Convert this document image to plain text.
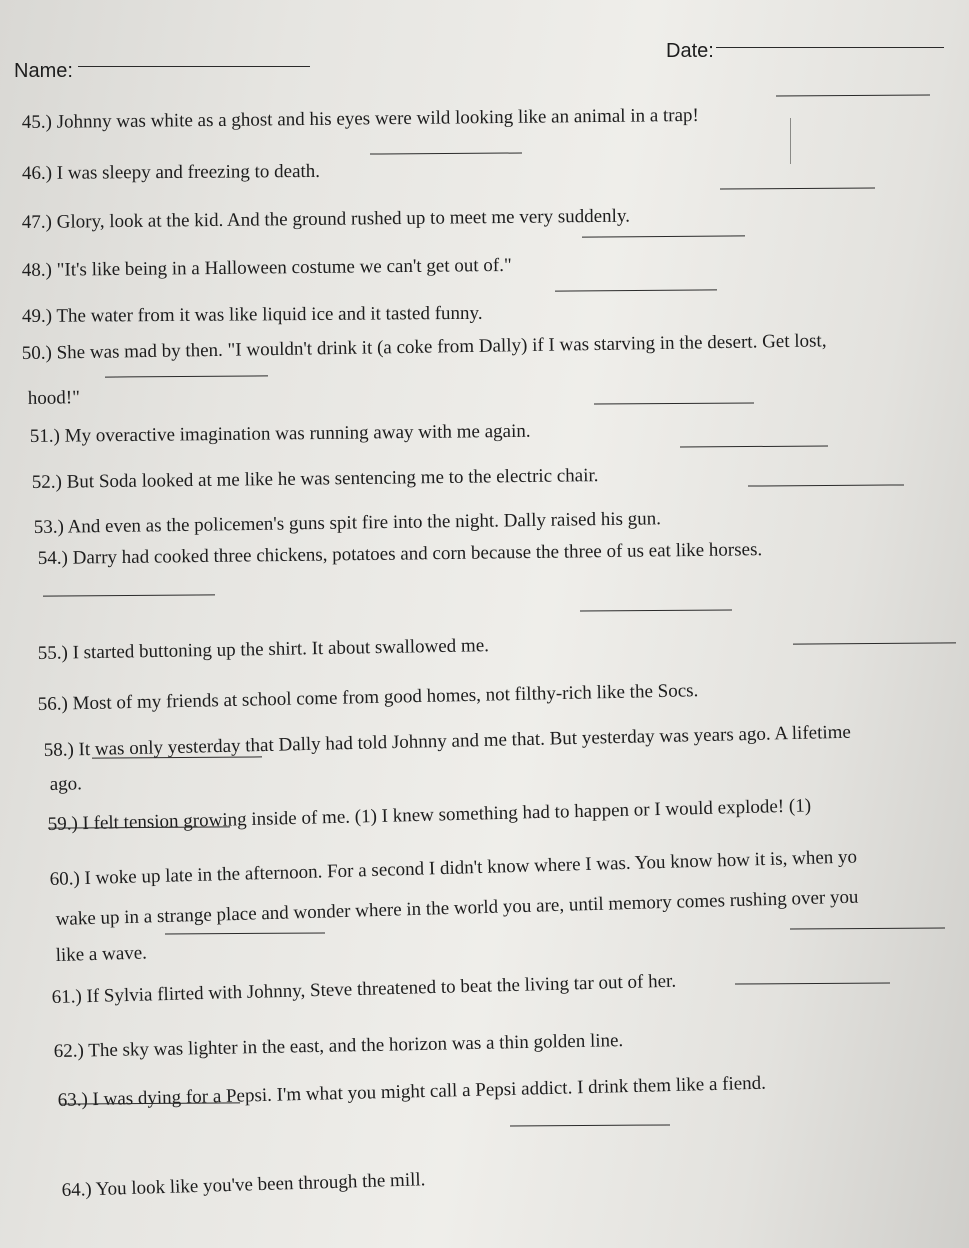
Name:
Date:
45.) Johnny was white as a ghost and his eyes were wild looking like an animal in a trap!
46.) I was sleepy and freezing to death.
47.) Glory, look at the kid. And the ground rushed up to meet me very suddenly.
48.) "It's like being in a Halloween costume we can't get out of."
49.) The water from it was like liquid ice and it tasted funny.
50.) She was mad by then. "I wouldn't drink it (a coke from Dally) if I was starving in the desert. Get lost,
hood!"
51.) My overactive imagination was running away with me again.
52.) But Soda looked at me like he was sentencing me to the electric chair.
53.) And even as the policemen's guns spit fire into the night. Dally raised his gun.
54.) Darry had cooked three chickens, potatoes and corn because the three of us eat like horses.
55.) I started buttoning up the shirt. It about swallowed me.
56.) Most of my friends at school come from good homes, not filthy-rich like the Socs.
58.) It was only yesterday that Dally had told Johnny and me that. But yesterday was years ago. A lifetime
ago.
59.) I felt tension growing inside of me. (1) I knew something had to happen or I would explode! (1)
60.) I woke up late in the afternoon. For a second I didn't know where I was. You know how it is, when yo
wake up in a strange place and wonder where in the world you are, until memory comes rushing over you
like a wave.
61.) If Sylvia flirted with Johnny, Steve threatened to beat the living tar out of her.
62.) The sky was lighter in the east, and the horizon was a thin golden line.
63.) I was dying for a Pepsi. I'm what you might call a Pepsi addict. I drink them like a fiend.
64.) You look like you've been through the mill.
